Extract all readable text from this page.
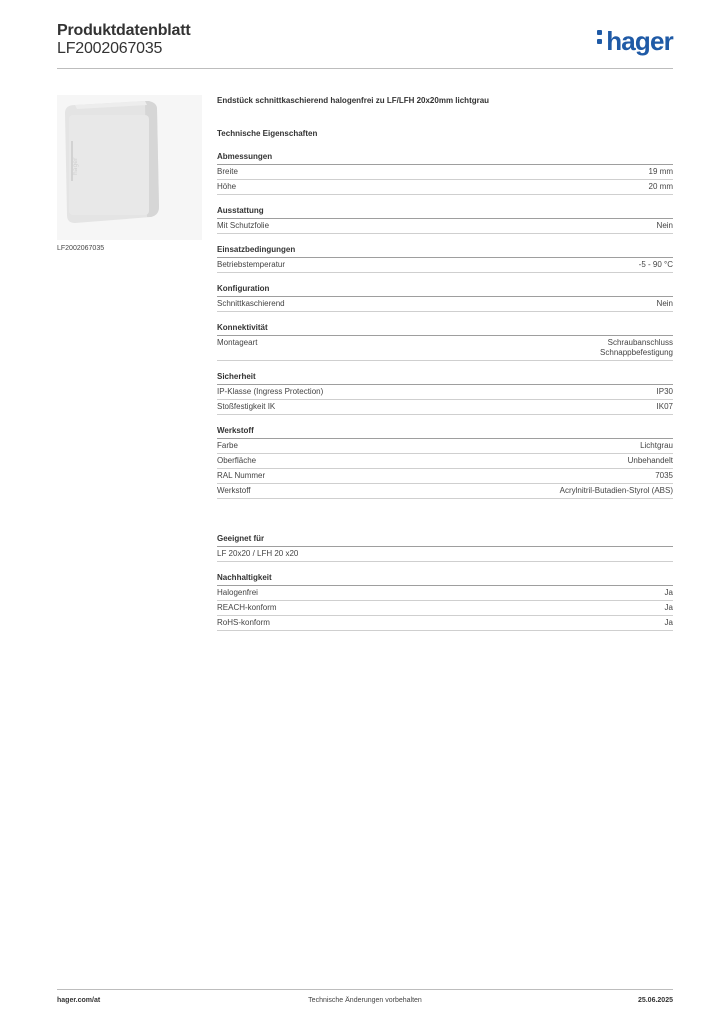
Produktdatenblatt
LF2002067035	hager
hager
LF2002067035
Endstück schnittkaschierend halogenfrei zu LF/LFH 20x20mm lichtgrau
Technische Eigenschaften
Abmessungen
Breite	19 mm
Höhe	20 mm
Ausstattung
Mit Schutzfolie	Nein
Einsatzbedingungen
Betriebstemperatur	-5 - 90 °C
Konfiguration
Schnittkaschierend	Nein
Konnektivität
Montageart	Schraubanschluss
Schnappbefestigung
Sicherheit
IP-Klasse (Ingress Protection)	IP30
Stoßfestigkeit IK	IK07
Werkstoff
Farbe	Lichtgrau
Oberfläche	Unbehandelt
RAL Nummer	7035
Werkstoff	Acrylnitril-Butadien-Styrol (ABS)
Geeignet für
LF 20x20 / LFH 20 x20
Nachhaltigkeit
Halogenfrei	Ja
REACH-konform	Ja
RoHS-konform	Ja
hager.com/at	Technische Änderungen vorbehalten	25.06.2025
